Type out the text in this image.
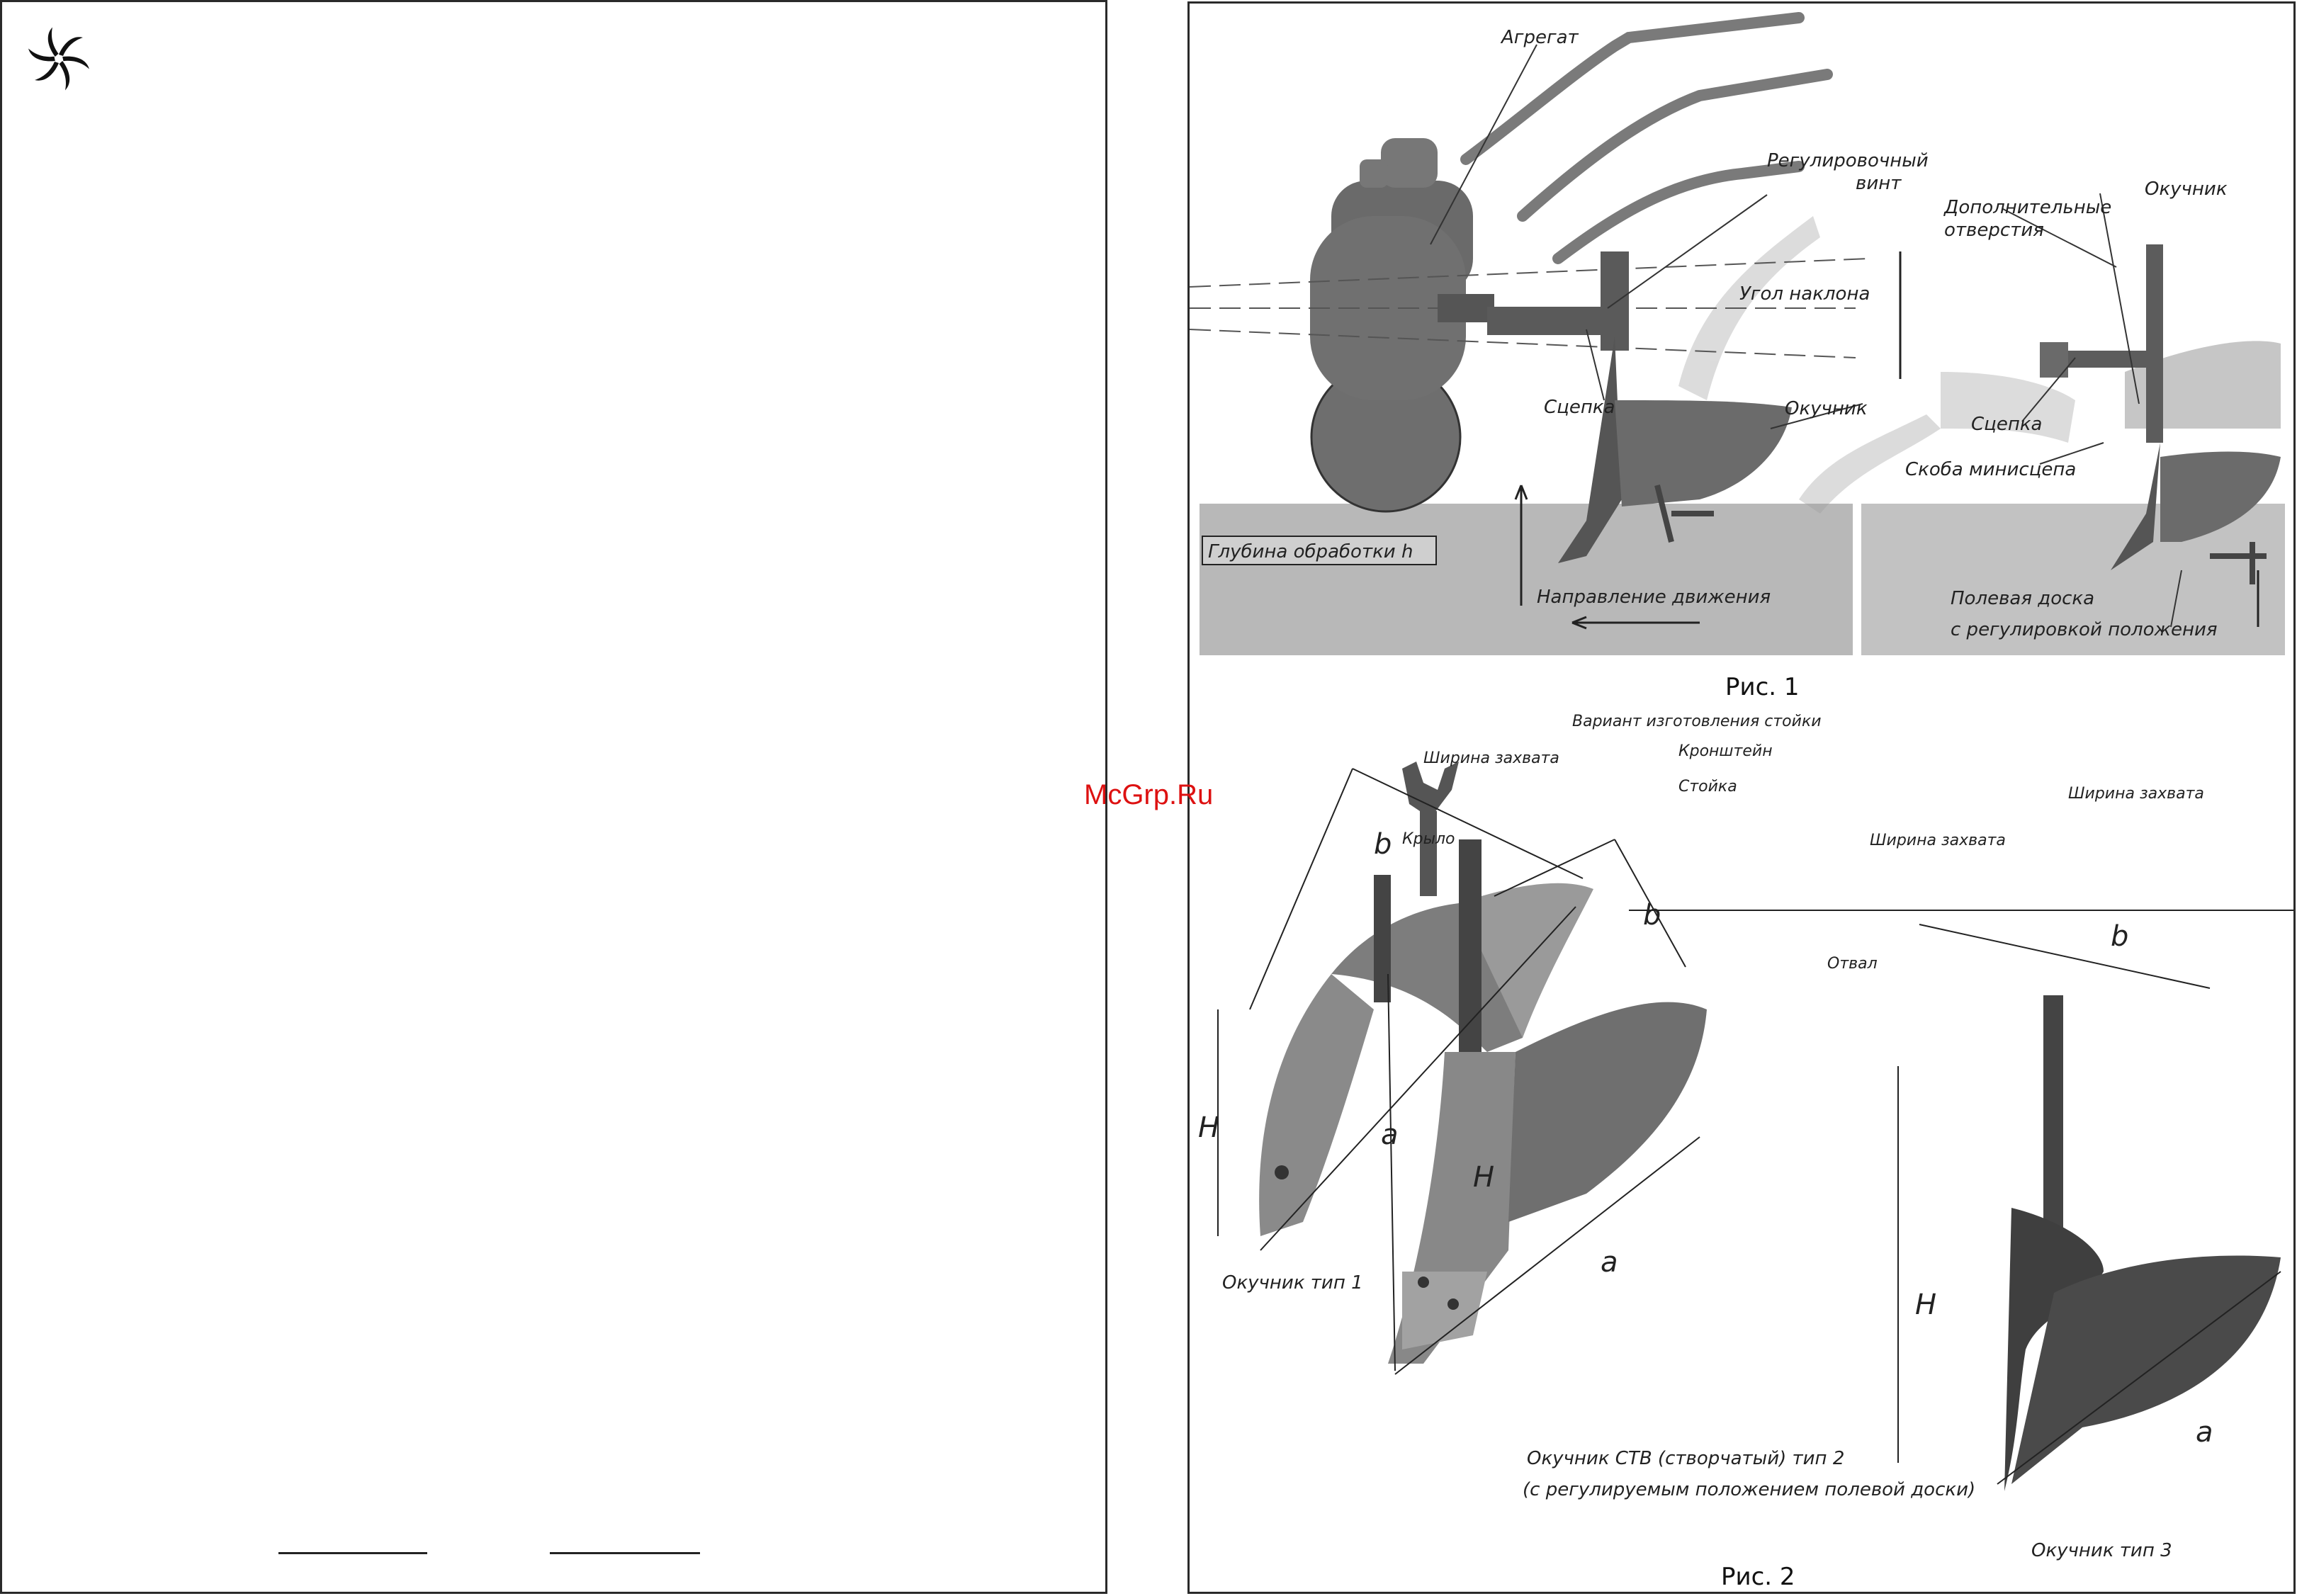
Агрегат
Регулировочный
винт
Дополнительные
отверстия
Окучник
Угол наклона
Сцепка	Окучник
Сцепка
Скоба минисцепа
Глубина обработки h
Направление движения	Полевая доска
с регулировкой положения
Рис. 1
b
a
H
b
a
H
b
a
H
Вариант изготовления стойки
Кронштейн
Стойка
Ширина захвата
Крыло	Ширина захвата
Отвал
Ширина захвата
Окучник тип 1
Окучник СТВ (створчатый) тип 2
(с регулируемым положением полевой доски)
Окучник тип 3
Рис. 2
McGrp.Ru
